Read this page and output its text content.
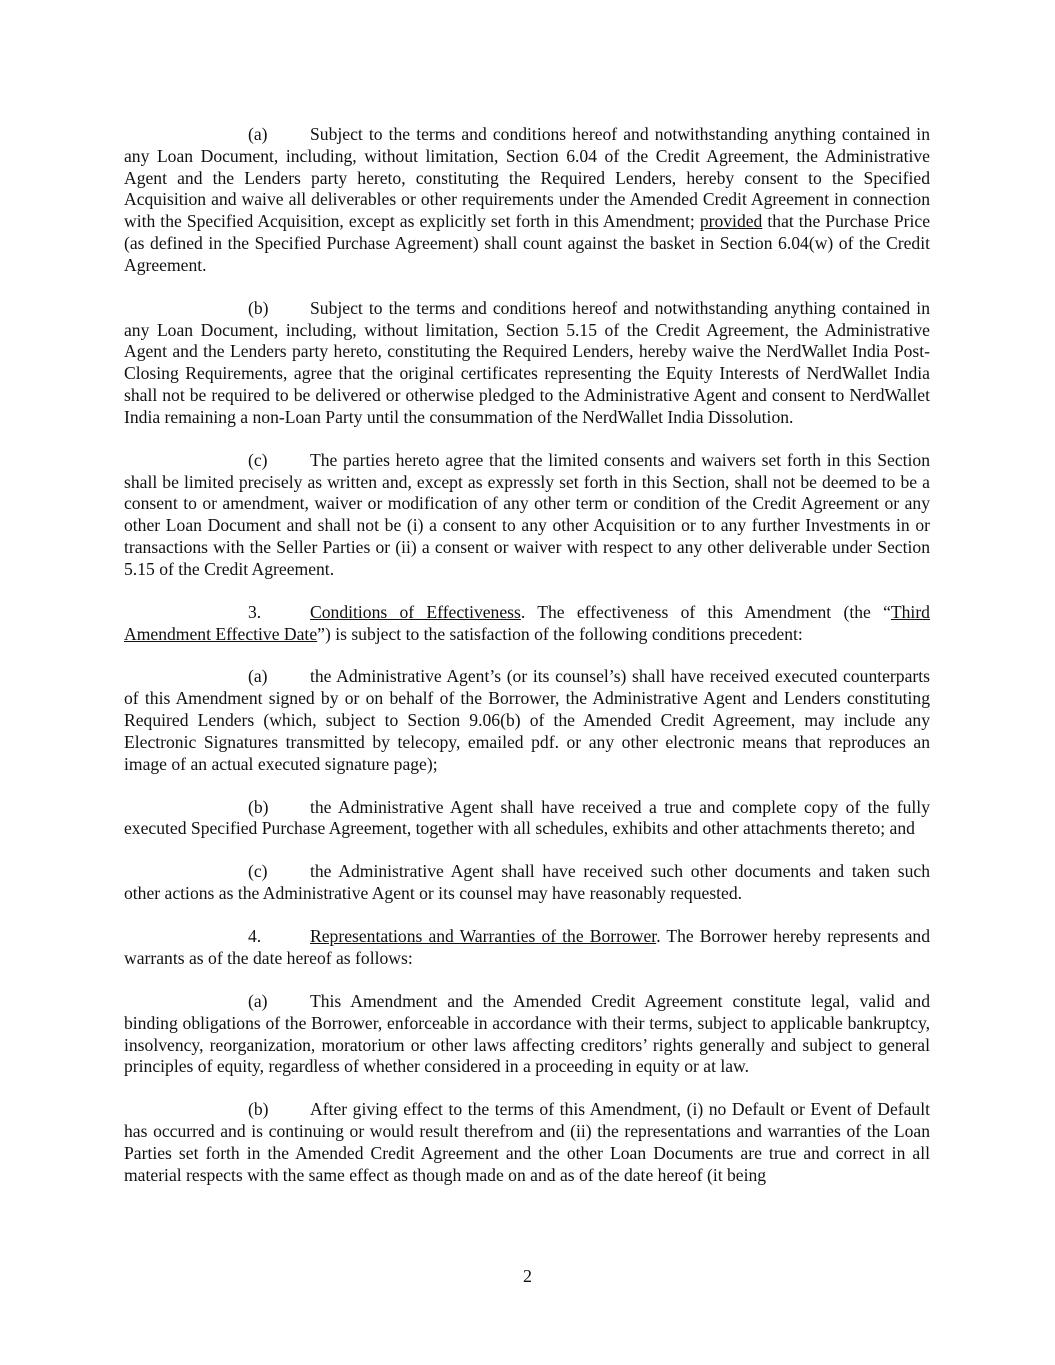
(a) Subject to the terms and conditions hereof and notwithstanding anything contained in any Loan Document, including, without limitation, Section 6.04 of the Credit Agreement, the Administrative Agent and the Lenders party hereto, constituting the Required Lenders, hereby consent to the Specified Acquisition and waive all deliverables or other requirements under the Amended Credit Agreement in connection with the Specified Acquisition, except as explicitly set forth in this Amendment; provided that the Purchase Price (as defined in the Specified Purchase Agreement) shall count against the basket in Section 6.04(w) of the Credit Agreement.

(b) Subject to the terms and conditions hereof and notwithstanding anything contained in any Loan Document, including, without limitation, Section 5.15 of the Credit Agreement, the Administrative Agent and the Lenders party hereto, constituting the Required Lenders, hereby waive the NerdWallet India Post-Closing Requirements, agree that the original certificates representing the Equity Interests of NerdWallet India shall not be required to be delivered or otherwise pledged to the Administrative Agent and consent to NerdWallet India remaining a non-Loan Party until the consummation of the NerdWallet India Dissolution.

(c) The parties hereto agree that the limited consents and waivers set forth in this Section shall be limited precisely as written and, except as expressly set forth in this Section, shall not be deemed to be a consent to or amendment, waiver or modification of any other term or condition of the Credit Agreement or any other Loan Document and shall not be (i) a consent to any other Acquisition or to any further Investments in or transactions with the Seller Parties or (ii) a consent or waiver with respect to any other deliverable under Section 5.15 of the Credit Agreement.

3.	Conditions of Effectiveness. The effectiveness of this Amendment (the “Third Amendment Effective Date”) is subject to the satisfaction of the following conditions precedent:

(a) the Administrative Agent’s (or its counsel’s) shall have received executed counterparts of this Amendment signed by or on behalf of the Borrower, the Administrative Agent and Lenders constituting Required Lenders (which, subject to Section 9.06(b) of the Amended Credit Agreement, may include any Electronic Signatures transmitted by telecopy, emailed pdf. or any other electronic means that reproduces an image of an actual executed signature page);

(b) the Administrative Agent shall have received a true and complete copy of the fully executed Specified Purchase Agreement, together with all schedules, exhibits and other attachments thereto; and

(c) the Administrative Agent shall have received such other documents and taken such other actions as the Administrative Agent or its counsel may have reasonably requested.

4.	Representations and Warranties of the Borrower. The Borrower hereby represents and warrants as of the date hereof as follows:

(a) This Amendment and the Amended Credit Agreement constitute legal, valid and binding obligations of the Borrower, enforceable in accordance with their terms, subject to applicable bankruptcy, insolvency, reorganization, moratorium or other laws affecting creditors’ rights generally and subject to general principles of equity, regardless of whether considered in a proceeding in equity or at law.

(b) After giving effect to the terms of this Amendment, (i) no Default or Event of Default has occurred and is continuing or would result therefrom and (ii) the representations and warranties of the Loan Parties set forth in the Amended Credit Agreement and the other Loan Documents are true and correct in all material respects with the same effect as though made on and as of the date hereof (it being

2
